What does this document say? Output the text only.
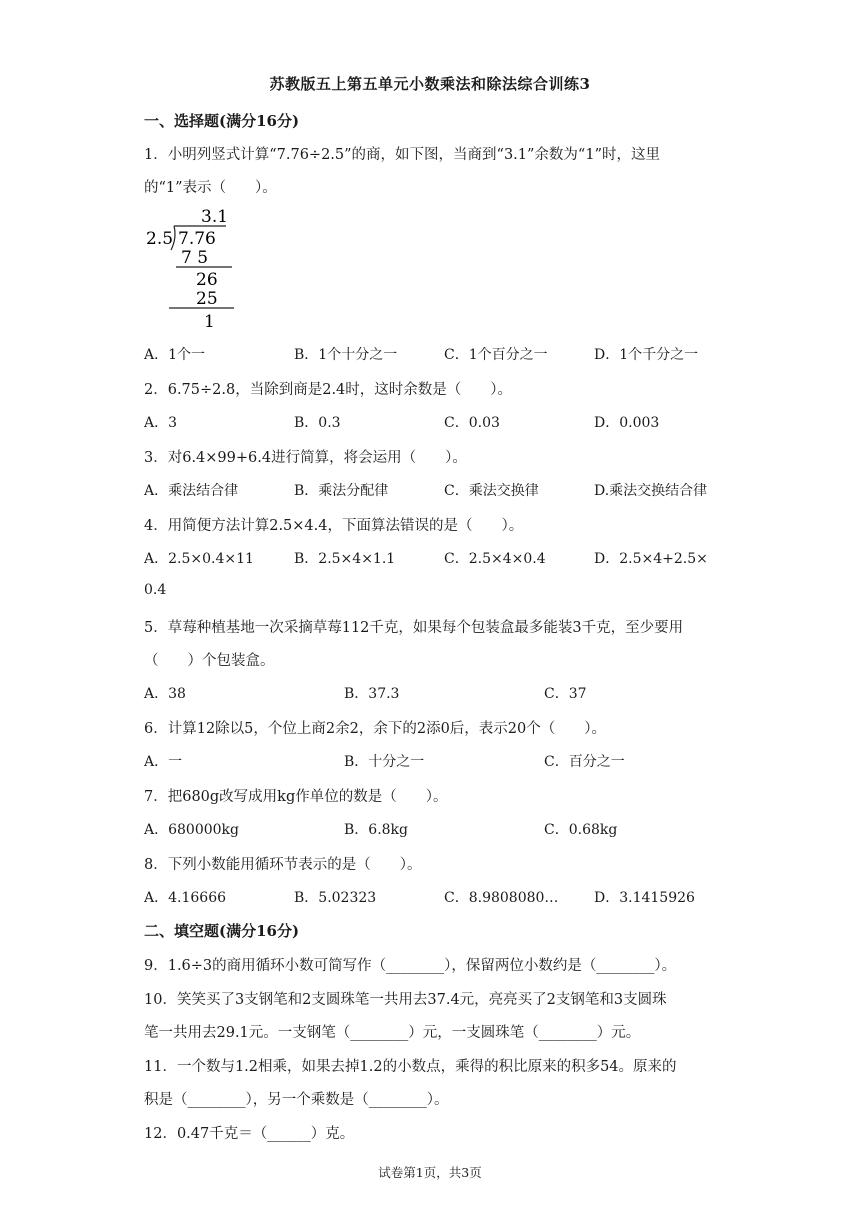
苏教版五上第五单元小数乘法和除法综合训练3
一、选择题(满分16分)
1．小明列竖式计算“7.76÷2.5”的商，如下图，当商到“3.1”余数为“1”时，这里
的“1”表示（　　）。
3.1
2.5 7.76
7 5
26
25
1
A．1个一	B．1个十分之一	C．1个百分之一	D．1个千分之一
2．6.75÷2.8，当除到商是2.4时，这时余数是（　　）。
A．3	B．0.3	C．0.03	D．0.003
3．对6.4×99+6.4进行简算，将会运用（　　）。
A．乘法结合律	B．乘法分配律	C．乘法交换律	D.乘法交换结合律
4．用简便方法计算2.5×4.4，下面算法错误的是（　　）。
A．2.5×0.4×11	B．2.5×4×1.1	C．2.5×4×0.4	D．2.5×4+2.5×
0.4
5．草莓种植基地一次采摘草莓112千克，如果每个包装盒最多能装3千克，至少要用
（　　）个包装盒。
A．38	B．37.3	C．37
6．计算12除以5，个位上商2余2，余下的2添0后，表示20个（　　）。
A．一	B．十分之一	C．百分之一
7．把680g改写成用kg作单位的数是（　　）。
A．680000kg	B．6.8kg	C．0.68kg
8．下列小数能用循环节表示的是（　　）。
A．4.16666	B．5.02323	C．8.9808080…	D．3.1415926
二、填空题(满分16分)
9．1.6÷3的商用循环小数可简写作（________），保留两位小数约是（________）。
10．笑笑买了3支钢笔和2支圆珠笔一共用去37.4元，亮亮买了2支钢笔和3支圆珠
笔一共用去29.1元。一支钢笔（________）元，一支圆珠笔（________）元。
11．一个数与1.2相乘，如果去掉1.2的小数点，乘得的积比原来的积多54。原来的
积是（________），另一个乘数是（________）。
12．0.47千克＝（______）克。
试卷第1页，共3页
